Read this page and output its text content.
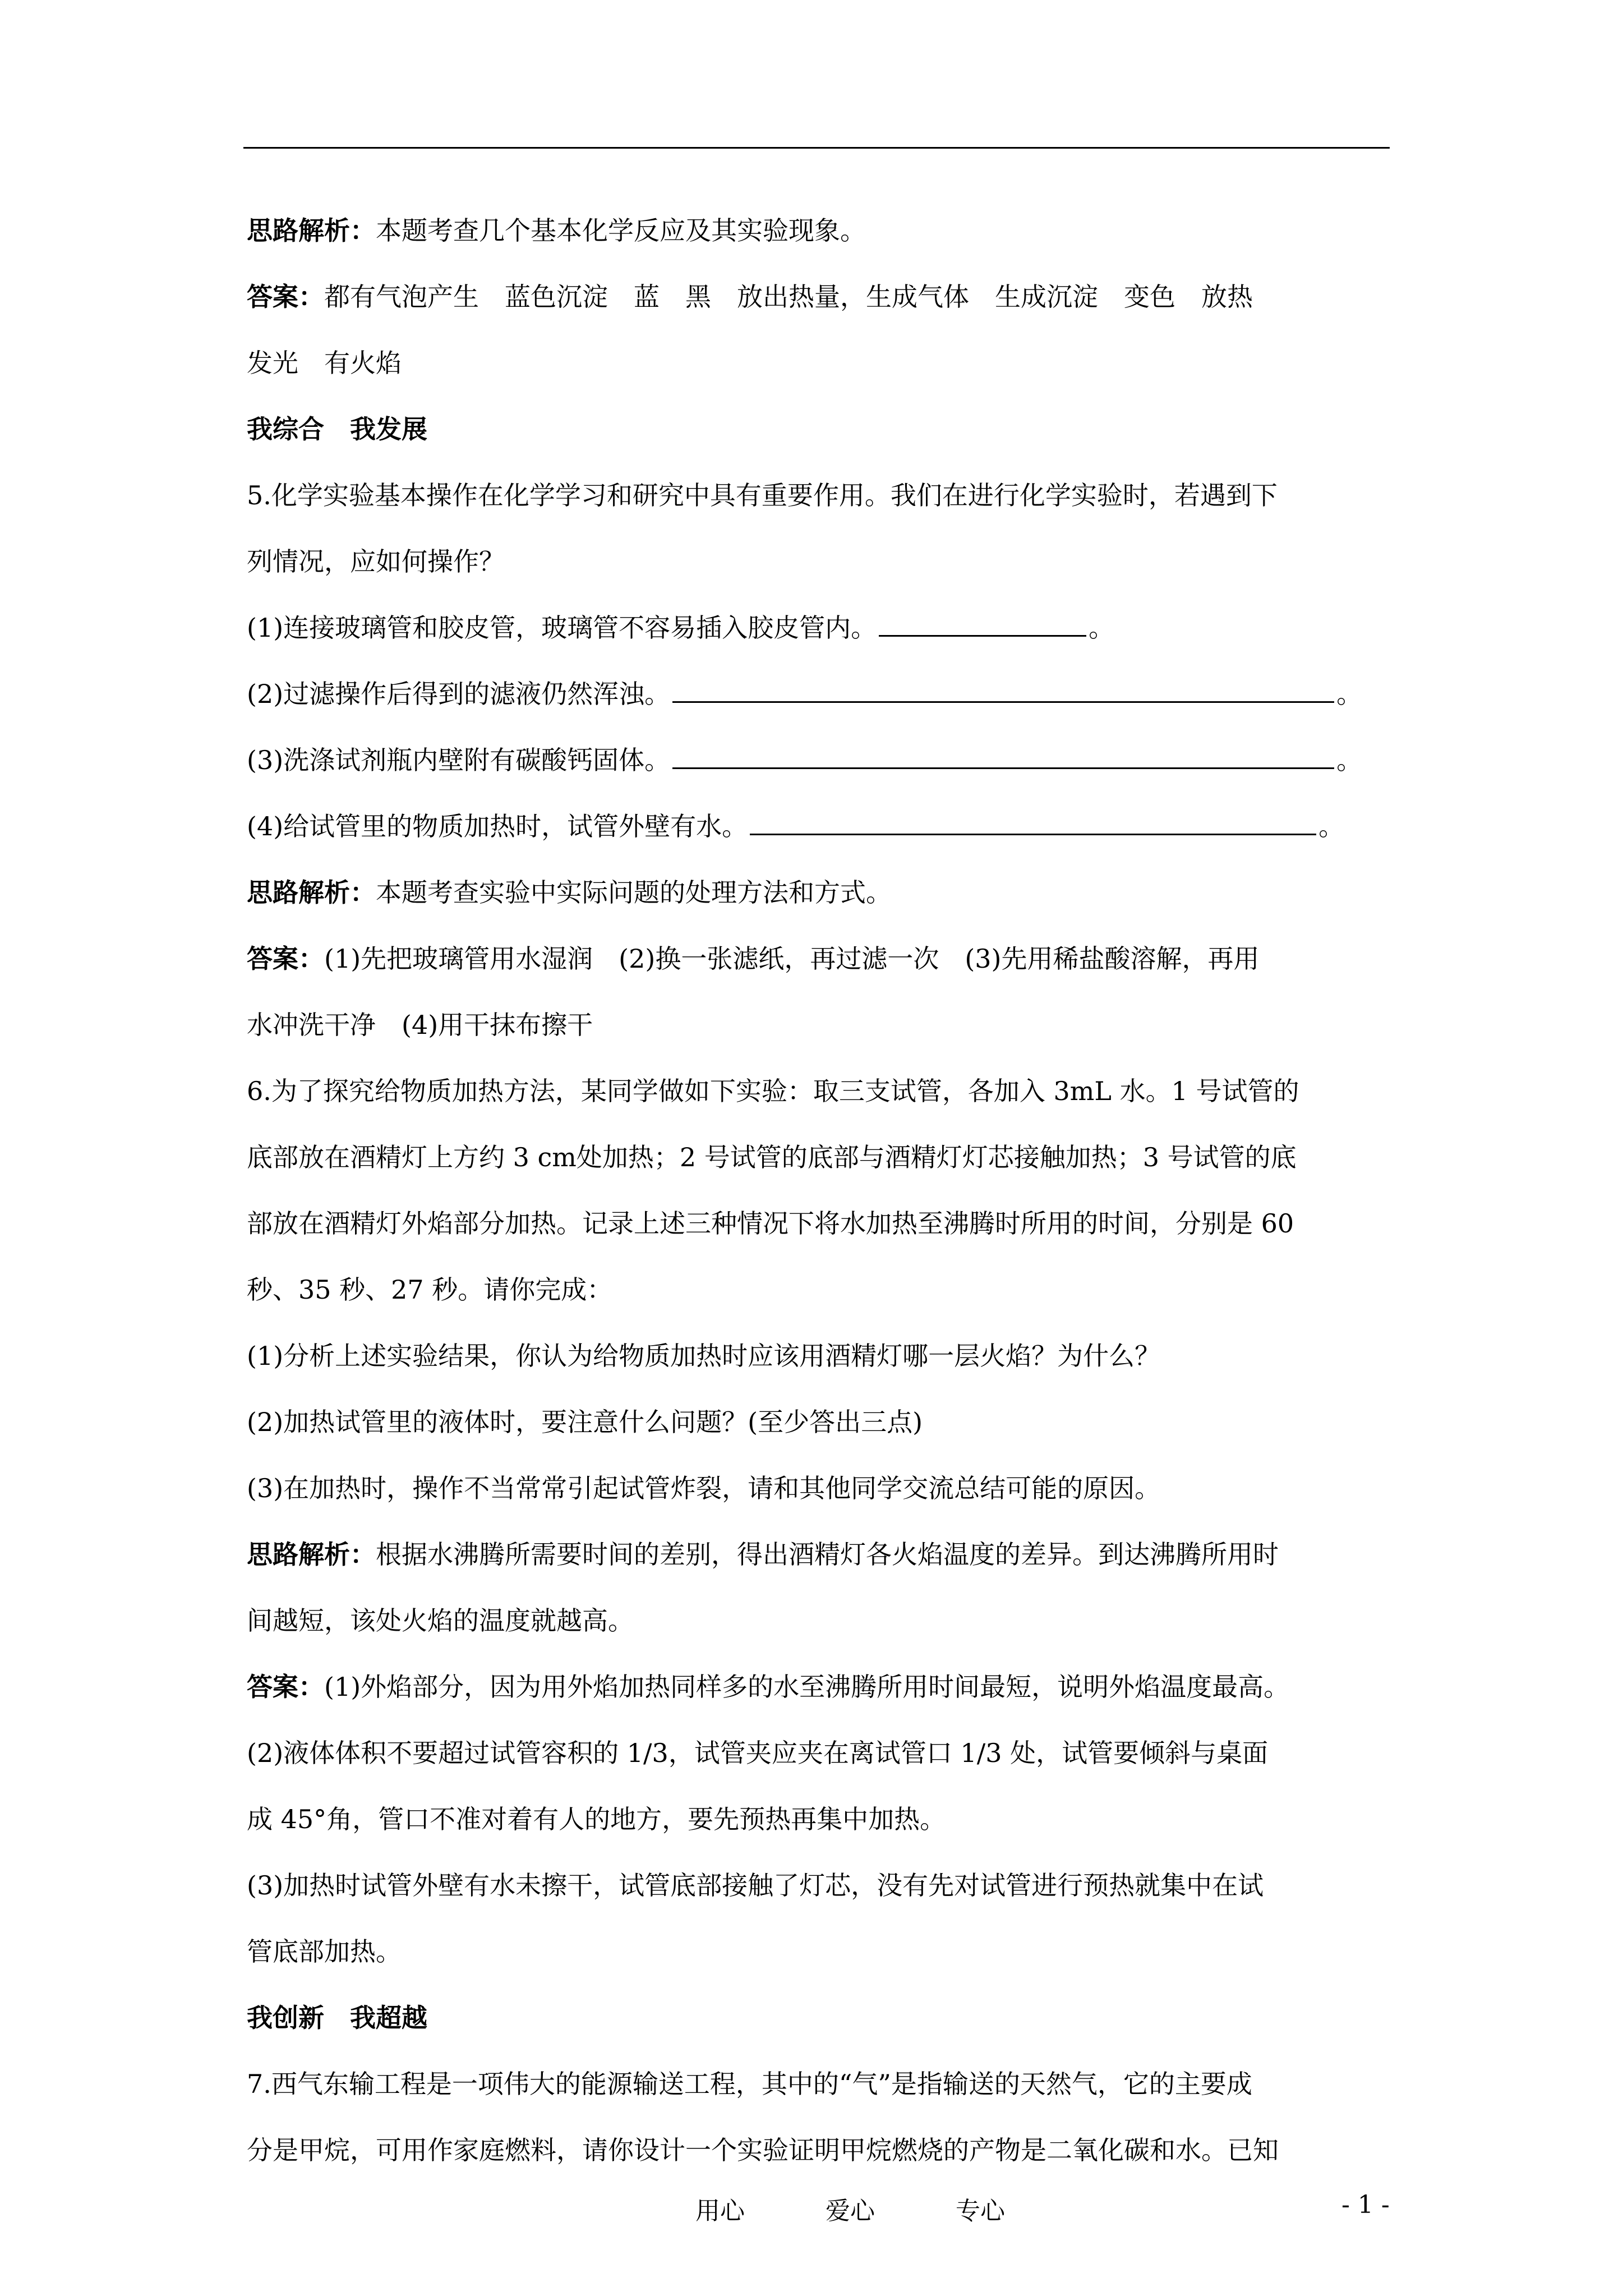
思路解析：本题考查几个基本化学反应及其实验现象。
答案：都有气泡产生　蓝色沉淀　蓝　黑　放出热量，生成气体　生成沉淀　变色　放热
发光　有火焰
我综合　我发展
5.化学实验基本操作在化学学习和研究中具有重要作用。我们在进行化学实验时，若遇到下
列情况，应如何操作？
(1)连接玻璃管和胶皮管，玻璃管不容易插入胶皮管内。	。
(2)过滤操作后得到的滤液仍然浑浊。	。
(3)洗涤试剂瓶内壁附有碳酸钙固体。	。
(4)给试管里的物质加热时，试管外壁有水。	。
思路解析：本题考查实验中实际问题的处理方法和方式。
答案：(1)先把玻璃管用水湿润　(2)换一张滤纸，再过滤一次　(3)先用稀盐酸溶解，再用
水冲洗干净　(4)用干抹布擦干
6.为了探究给物质加热方法，某同学做如下实验：取三支试管，各加入 3mL 水。1 号试管的
底部放在酒精灯上方约 3 cm处加热；2 号试管的底部与酒精灯灯芯接触加热；3 号试管的底
部放在酒精灯外焰部分加热。记录上述三种情况下将水加热至沸腾时所用的时间，分别是 60
秒、35 秒、27 秒。请你完成：
(1)分析上述实验结果，你认为给物质加热时应该用酒精灯哪一层火焰？为什么？
(2)加热试管里的液体时，要注意什么问题？(至少答出三点)
(3)在加热时，操作不当常常引起试管炸裂，请和其他同学交流总结可能的原因。
思路解析：根据水沸腾所需要时间的差别，得出酒精灯各火焰温度的差异。到达沸腾所用时
间越短，该处火焰的温度就越高。
答案：(1)外焰部分，因为用外焰加热同样多的水至沸腾所用时间最短，说明外焰温度最高。
(2)液体体积不要超过试管容积的 1/3，试管夹应夹在离试管口 1/3 处，试管要倾斜与桌面
成 45°角，管口不准对着有人的地方，要先预热再集中加热。
(3)加热时试管外壁有水未擦干，试管底部接触了灯芯，没有先对试管进行预热就集中在试
管底部加热。
我创新　我超越
7.西气东输工程是一项伟大的能源输送工程，其中的“气”是指输送的天然气，它的主要成
分是甲烷，可用作家庭燃料，请你设计一个实验证明甲烷燃烧的产物是二氧化碳和水。已知
用心	爱心	专心	- 1 -
